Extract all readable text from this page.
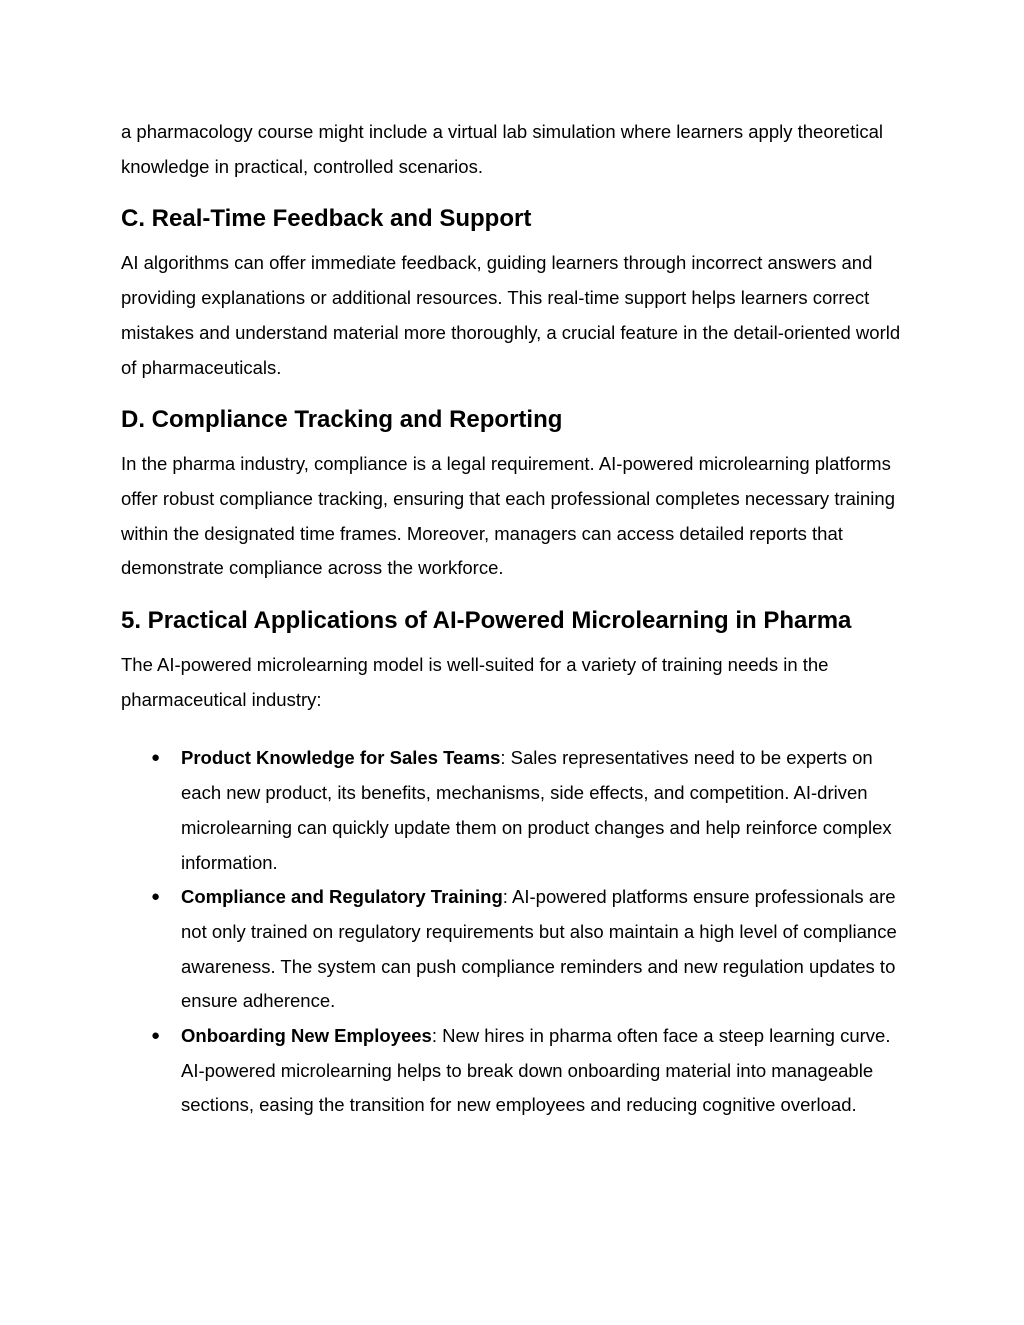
a pharmacology course might include a virtual lab simulation where learners apply theoretical knowledge in practical, controlled scenarios.

C. Real-Time Feedback and Support

AI algorithms can offer immediate feedback, guiding learners through incorrect answers and providing explanations or additional resources. This real-time support helps learners correct mistakes and understand material more thoroughly, a crucial feature in the detail-oriented world of pharmaceuticals.

D. Compliance Tracking and Reporting

In the pharma industry, compliance is a legal requirement. AI-powered microlearning platforms offer robust compliance tracking, ensuring that each professional completes necessary training within the designated time frames. Moreover, managers can access detailed reports that demonstrate compliance across the workforce.

5. Practical Applications of AI-Powered Microlearning in Pharma

The AI-powered microlearning model is well-suited for a variety of training needs in the pharmaceutical industry:

● Product Knowledge for Sales Teams: Sales representatives need to be experts on each new product, its benefits, mechanisms, side effects, and competition. AI-driven microlearning can quickly update them on product changes and help reinforce complex information.
● Compliance and Regulatory Training: AI-powered platforms ensure professionals are not only trained on regulatory requirements but also maintain a high level of compliance awareness. The system can push compliance reminders and new regulation updates to ensure adherence.
● Onboarding New Employees: New hires in pharma often face a steep learning curve. AI-powered microlearning helps to break down onboarding material into manageable sections, easing the transition for new employees and reducing cognitive overload.
